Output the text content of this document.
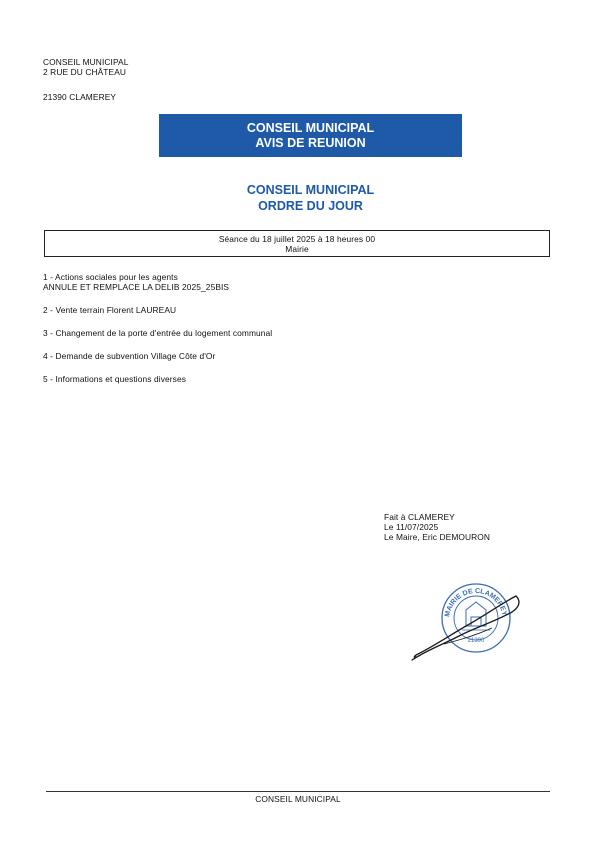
CONSEIL MUNICIPAL
2 RUE DU CHÂTEAU
21390 CLAMEREY
CONSEIL MUNICIPAL
AVIS DE REUNION
CONSEIL MUNICIPAL
ORDRE DU JOUR
Séance du 18 juillet 2025 à 18 heures 00
Mairie
1 - Actions sociales pour les agents
ANNULE ET REMPLACE LA DELIB 2025_25BIS
2 - Vente terrain Florent LAUREAU
3 - Changement de la porte d'entrée du logement communal
4 - Demande de subvention Village Côte d'Or
5 - Informations et questions diverses
Fait à CLAMEREY
Le 11/07/2025
Le Maire, Eric DEMOURON
MAIRIE DE CLAMEREY
21390
CONSEIL MUNICIPAL
